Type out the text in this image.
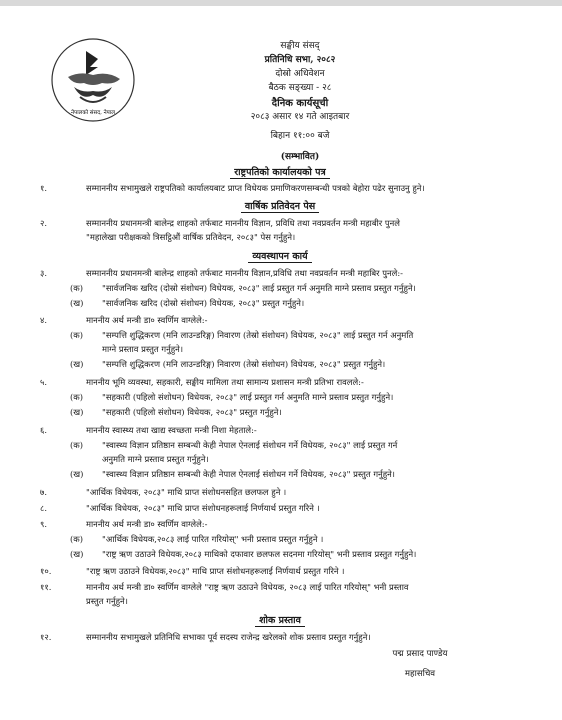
नेपालको संसद, नेपाल
सङ्घीय संसद्
प्रतिनिधि सभा, २०८२
दोस्रो अधिवेशन
बैठक सङ्ख्या - २८
दैनिक कार्यसूची
२०८३ असार १४ गते आइतबार
बिहान ११:०० बजे
(सम्भावित)
राष्ट्रपतिको कार्यालयको पत्र
१.	सम्माननीय सभामुखले राष्ट्रपतिको कार्यालयबाट प्राप्त विधेयक प्रमाणिकरणसम्बन्धी पत्रको बेहोरा पढेर सुनाउनु हुने।
वार्षिक प्रतिवेदन पेस
२.	सम्माननीय प्रधानमन्त्री बालेन्द्र शाहको तर्फबाट माननीय विज्ञान, प्रविधि तथा नवप्रवर्तन मन्त्री महाबीर पुनले
"महालेखा परीक्षकको त्रिसट्ठिऔं वार्षिक प्रतिवेदन, २०८३" पेस गर्नुहुने।
व्यवस्थापन कार्य
३.	सम्माननीय प्रधानमन्त्री बालेन्द्र शाहको तर्फबाट माननीय विज्ञान,प्रविधि तथा नवप्रवर्तन मन्त्री महाबिर पुनले:-
(क)	"सार्वजनिक खरिद (दोस्रो संशोधन) विधेयक, २०८३" लाई प्रस्तुत गर्न अनुमति माग्ने प्रस्ताव प्रस्तुत गर्नुहुने।
(ख)	"सार्वजनिक खरिद (दोस्रो संशोधन) विधेयक, २०८३" प्रस्तुत गर्नुहुने।
४.	माननीय अर्थ मन्त्री डा० स्वर्णिम वाग्लेले:-
(क)	"सम्पत्ति शुद्धिकरण (मनि लाउन्डरिङ्ग) निवारण (तेस्रो संशोधन) विधेयक, २०८३" लाई प्रस्तुत गर्न अनुमति
माग्ने प्रस्ताव प्रस्तुत गर्नुहुने।
(ख)	"सम्पत्ति शुद्धिकरण (मनि लाउन्डरिङ्ग) निवारण (तेस्रो संशोधन) विधेयक, २०८३" प्रस्तुत गर्नुहुने।
५.	माननीय भूमि व्यवस्था, सहकारी, सङ्घीय मामिला तथा सामान्य प्रशासन मन्त्री प्रतिभा रावलले:-
(क)	"सहकारी (पहिलो संशोधन) विधेयक, २०८३" लाई प्रस्तुत गर्न अनुमति माग्ने प्रस्ताव प्रस्तुत गर्नुहुने।
(ख)	"सहकारी (पहिलो संशोधन) विधेयक, २०८३" प्रस्तुत गर्नुहुने।
६.	माननीय स्वास्थ्य तथा खाद्य स्वच्छता मन्त्री निशा मेहताले:-
(क)	"स्वास्थ्य विज्ञान प्रतिष्ठान सम्बन्धी केही नेपाल ऐनलाई संशोधन गर्ने विधेयक, २०८३" लाई प्रस्तुत गर्न
अनुमति माग्ने प्रस्ताव प्रस्तुत गर्नुहुने।
(ख)	"स्वास्थ्य विज्ञान प्रतिष्ठान सम्बन्धी केही नेपाल ऐनलाई संशोधन गर्ने विधेयक, २०८३" प्रस्तुत गर्नुहुने।
७.	"आर्थिक विधेयक, २०८३" माथि प्राप्त संशोधनसहित छलफल हुने ।
८.	"आर्थिक विधेयक, २०८३" माथि प्राप्त संशोधनहरूलाई निर्णयार्थ प्रस्तुत गरिने ।
९.	माननीय अर्थ मन्त्री डा० स्वर्णिम वाग्लेले:-
(क)	"आर्थिक विधेयक,२०८३ लाई पारित गरियोस्" भनी प्रस्ताव प्रस्तुत गर्नुहुने ।
(ख)	"राष्ट्र ऋण उठाउने विधेयक,२०८३ माथिको दफावार छलफल सदनमा गरियोस्" भनी प्रस्ताव प्रस्तुत गर्नुहुने।
१०.	"राष्ट्र ऋण उठाउने विधेयक,२०८३" माथि प्राप्त संशोधनहरूलाई निर्णयार्थ प्रस्तुत गरिने ।
११.	माननीय अर्थ मन्त्री डा० स्वर्णिम वाग्लेले "राष्ट्र ऋण उठाउने विधेयक, २०८३ लाई पारित गरियोस्" भनी प्रस्ताव
प्रस्तुत गर्नुहुने।
शोक प्रस्ताव
१२.	सम्माननीय सभामुखले प्रतिनिधि सभाका पूर्व सदस्य राजेन्द्र खरेलको शोक प्रस्ताव प्रस्तुत गर्नुहुने।
पद्म प्रसाद पाण्डेय
महासचिव
